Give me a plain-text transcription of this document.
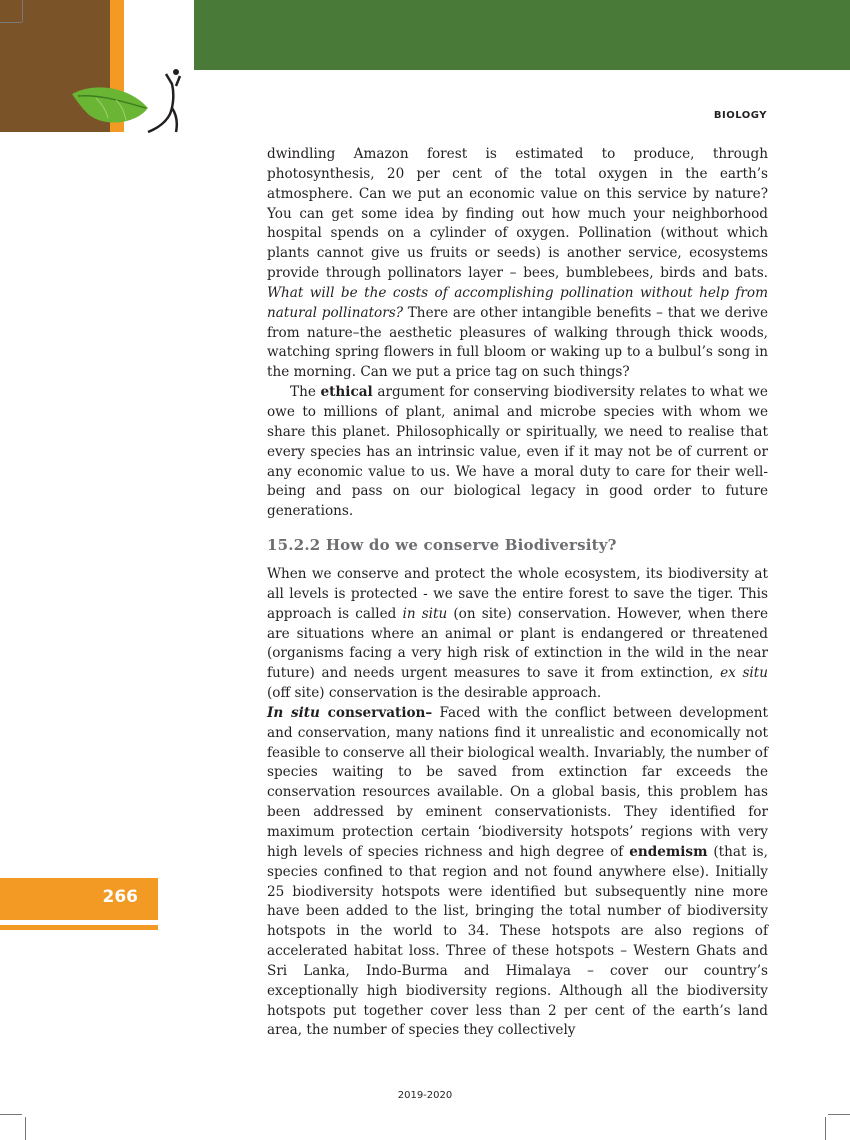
BIOLOGY

dwindling Amazon forest is estimated to produce, through photosynthesis, 20 per cent of the total oxygen in the earth’s atmosphere. Can we put an economic value on this service by nature? You can get some idea by finding out how much your neighborhood hospital spends on a cylinder of oxygen. Pollination (without which plants cannot give us fruits or seeds) is another service, ecosystems provide through pollinators layer – bees, bumblebees, birds and bats. What will be the costs of accomplishing pollination without help from natural pollinators? There are other intangible benefits – that we derive from nature–the aesthetic pleasures of walking through thick woods, watching spring flowers in full bloom or waking up to a bulbul’s song in the morning. Can we put a price tag on such things?

The ethical argument for conserving biodiversity relates to what we owe to millions of plant, animal and microbe species with whom we share this planet. Philosophically or spiritually, we need to realise that every species has an intrinsic value, even if it may not be of current or any economic value to us. We have a moral duty to care for their well-being and pass on our biological legacy in good order to future generations.

15.2.2 How do we conserve Biodiversity?

When we conserve and protect the whole ecosystem, its biodiversity at all levels is protected - we save the entire forest to save the tiger. This approach is called in situ (on site) conservation. However, when there are situations where an animal or plant is endangered or threatened (organisms facing a very high risk of extinction in the wild in the near future) and needs urgent measures to save it from extinction, ex situ (off site) conservation is the desirable approach.

In situ conservation– Faced with the conflict between development and conservation, many nations find it unrealistic and economically not feasible to conserve all their biological wealth. Invariably, the number of species waiting to be saved from extinction far exceeds the conservation resources available. On a global basis, this problem has been addressed by eminent conservationists. They identified for maximum protection certain ‘biodiversity hotspots’ regions with very high levels of species richness and high degree of endemism (that is, species confined to that region and not found anywhere else). Initially 25 biodiversity hotspots were identified but subsequently nine more have been added to the list, bringing the total number of biodiversity hotspots in the world to 34. These hotspots are also regions of accelerated habitat loss. Three of these hotspots – Western Ghats and Sri Lanka, Indo-Burma and Himalaya – cover our country’s exceptionally high biodiversity regions. Although all the biodiversity hotspots put together cover less than 2 per cent of the earth’s land area, the number of species they collectively

266
2019-2020
